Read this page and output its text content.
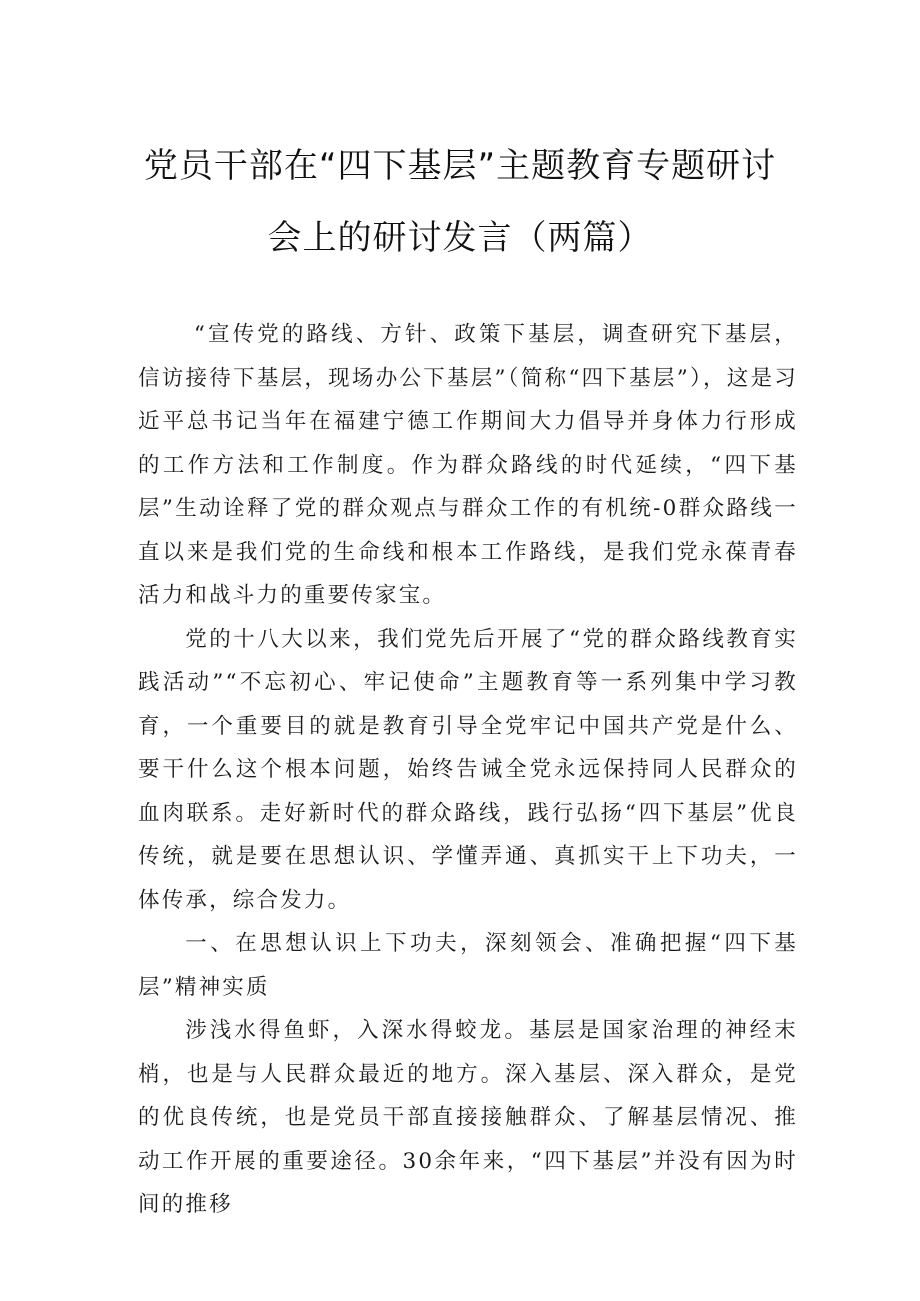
党员干部在“四下基层”主题教育专题研讨
会上的研讨发言（两篇）

“宣传党的路线、方针、政策下基层，调查研究下基层，信访接待下基层，现场办公下基层”（简称“四下基层”），这是习近平总书记当年在福建宁德工作期间大力倡导并身体力行形成的工作方法和工作制度。作为群众路线的时代延续，“四下基层”生动诠释了党的群众观点与群众工作的有机统-0群众路线一直以来是我们党的生命线和根本工作路线，是我们党永葆青春活力和战斗力的重要传家宝。

党的十八大以来，我们党先后开展了“党的群众路线教育实践活动”“不忘初心、牢记使命”主题教育等一系列集中学习教育，一个重要目的就是教育引导全党牢记中国共产党是什么、要干什么这个根本问题，始终告诫全党永远保持同人民群众的血肉联系。走好新时代的群众路线，践行弘扬“四下基层”优良传统，就是要在思想认识、学懂弄通、真抓实干上下功夫，一体传承，综合发力。

一、在思想认识上下功夫，深刻领会、准确把握“四下基层”精神实质

涉浅水得鱼虾，入深水得蛟龙。基层是国家治理的神经末梢，也是与人民群众最近的地方。深入基层、深入群众，是党的优良传统，也是党员干部直接接触群众、了解基层情况、推动工作开展的重要途径。30余年来，“四下基层”并没有因为时间的推移
